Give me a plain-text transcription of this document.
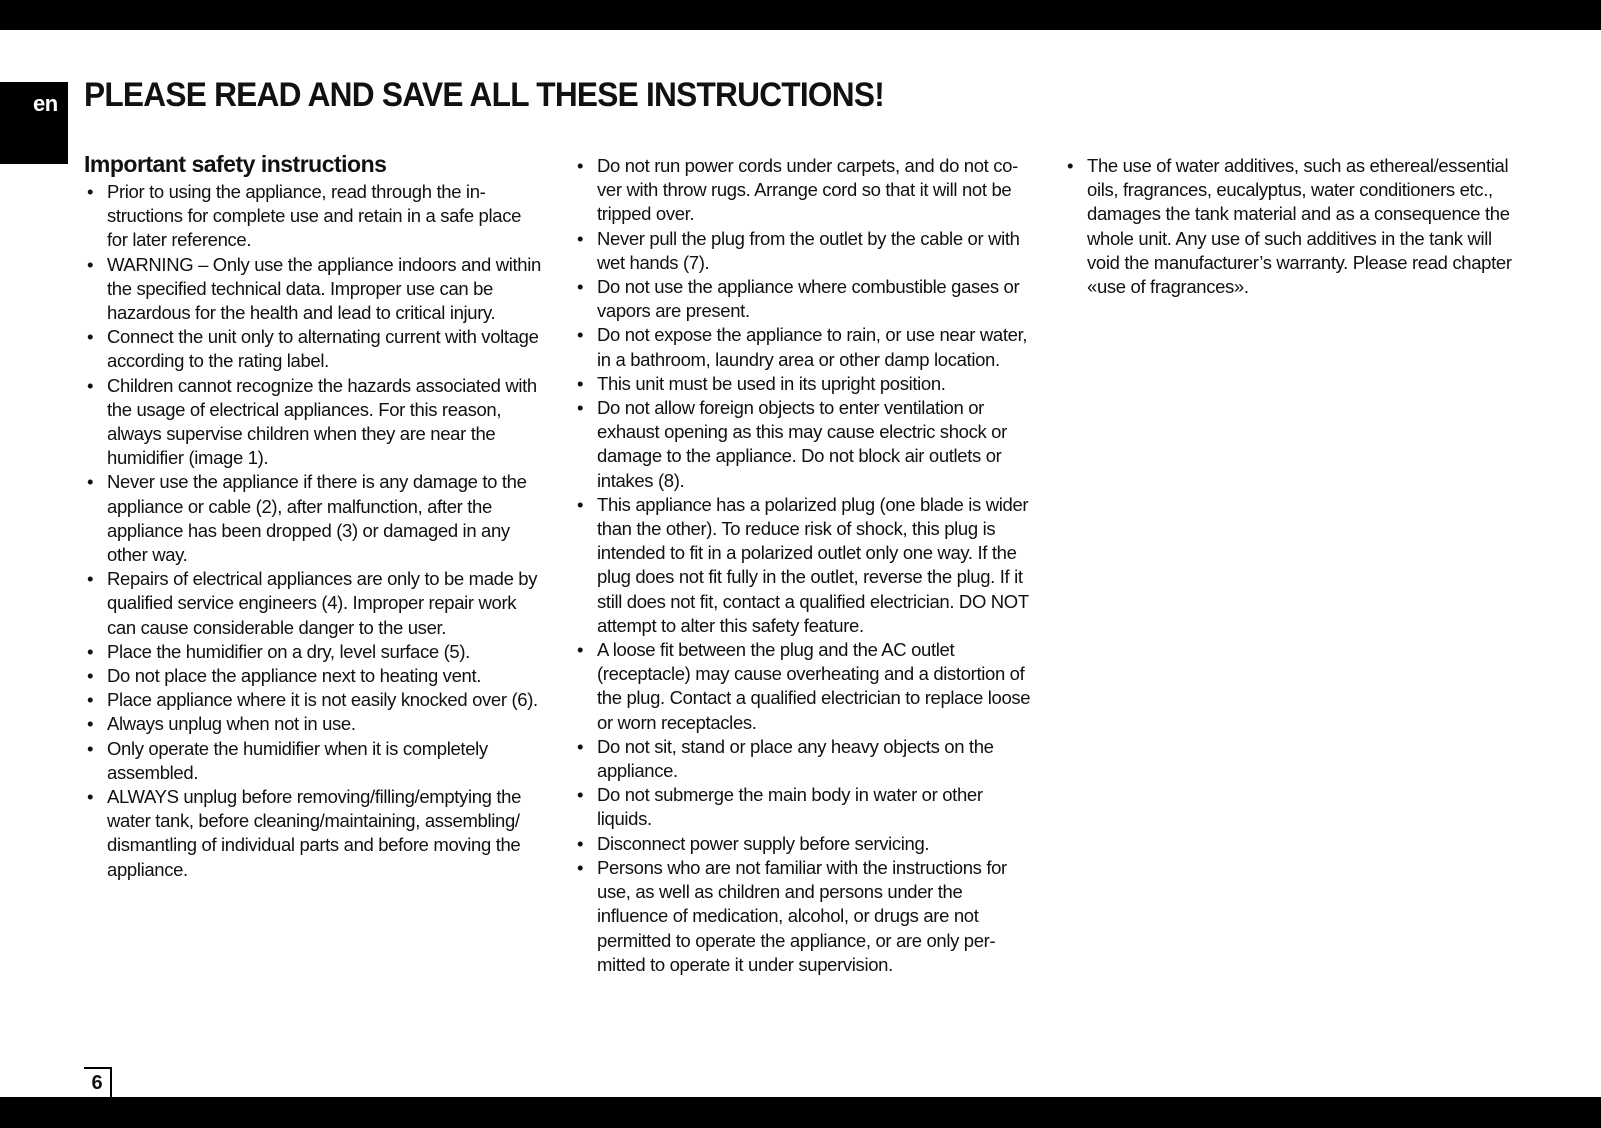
en PLEASE READ AND SAVE ALL THESE INSTRUCTIONS!
Important safety instructions
• Prior to using the appliance, read through the in-structions for complete use and retain in a safe place for later reference.
• WARNING – Only use the appliance indoors and within the specified technical data. Improper use can be hazardous for the health and lead to critical injury.
• Connect the unit only to alternating current with voltage according to the rating label.
• Children cannot recognize the hazards associated with the usage of electrical appliances. For this reason, always supervise children when they are near the humidifier (image 1).
• Never use the appliance if there is any damage to the appliance or cable (2), after malfunction, after the appliance has been dropped (3) or damaged in any other way.
• Repairs of electrical appliances are only to be made by qualified service engineers (4). Improper repair work can cause considerable danger to the user.
• Place the humidifier on a dry, level surface (5).
• Do not place the appliance next to heating vent.
• Place appliance where it is not easily knocked over (6).
• Always unplug when not in use.
• Only operate the humidifier when it is completely assembled.
• ALWAYS unplug before removing/filling/emptying the water tank, before cleaning/maintaining, assembling/ dismantling of individual parts and before moving the appliance.
• Do not run power cords under carpets, and do not co-ver with throw rugs. Arrange cord so that it will not be tripped over.
• Never pull the plug from the outlet by the cable or with wet hands (7).
• Do not use the appliance where combustible gases or vapors are present.
• Do not expose the appliance to rain, or use near water, in a bathroom, laundry area or other damp location.
• This unit must be used in its upright position.
• Do not allow foreign objects to enter ventilation or exhaust opening as this may cause electric shock or damage to the appliance. Do not block air outlets or intakes (8).
• This appliance has a polarized plug (one blade is wider than the other). To reduce risk of shock, this plug is intended to fit in a polarized outlet only one way. If the plug does not fit fully in the outlet, reverse the plug. If it still does not fit, contact a qualified electrician. DO NOT attempt to alter this safety feature.
• A loose fit between the plug and the AC outlet (receptacle) may cause overheating and a distortion of the plug. Contact a qualified electrician to replace loose or worn receptacles.
• Do not sit, stand or place any heavy objects on the appliance.
• Do not submerge the main body in water or other liquids.
• Disconnect power supply before servicing.
• Persons who are not familiar with the instructions for use, as well as children and persons under the influence of medication, alcohol, or drugs are not permitted to operate the appliance, or are only per-mitted to operate it under supervision.
• The use of water additives, such as ethereal/essential oils, fragrances, eucalyptus, water conditioners etc., damages the tank material and as a consequence the whole unit. Any use of such additives in the tank will void the manufacturer’s warranty. Please read chapter «use of fragrances».
6
